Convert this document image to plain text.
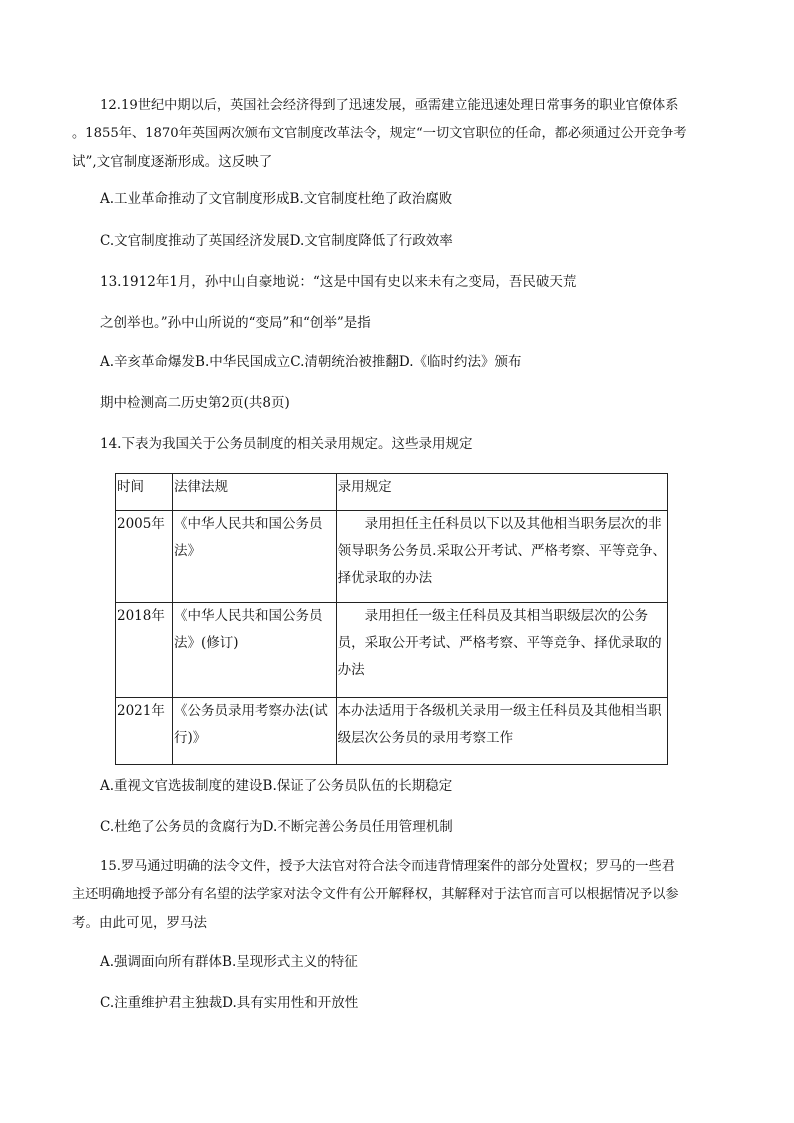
12.19世纪中期以后，英国社会经济得到了迅速发展，亟需建立能迅速处理日常事务的职业官僚体系

。1855年、1870年英国两次颁布文官制度改革法令，规定“一切文官职位的任命，都必须通过公开竞争考

试”,文官制度逐渐形成。这反映了

A.工业革命推动了文官制度形成B.文官制度杜绝了政治腐败

C.文官制度推动了英国经济发展D.文官制度降低了行政效率

13.1912年1月，孙中山自豪地说：“这是中国有史以来未有之变局，吾民破天荒

之创举也。”孙中山所说的“变局”和“创举”是指

A.辛亥革命爆发B.中华民国成立C.清朝统治被推翻D.《临时约法》颁布

期中检测高二历史第2页(共8页)

14.下表为我国关于公务员制度的相关录用规定。这些录用规定

时间	法律法规	录用规定
2005年	《中华人民共和国公务员法》	录用担任主任科员以下以及其他相当职务层次的非领导职务公务员.采取公开考试、严格考察、平等竞争、择优录取的办法
2018年	《中华人民共和国公务员法》(修订)	录用担任一级主任科员及其相当职级层次的公务员，采取公开考试、严格考察、平等竞争、择优录取的办法
2021年	《公务员录用考察办法(试行)》	本办法适用于各级机关录用一级主任科员及其他相当职级层次公务员的录用考察工作

A.重视文官选拔制度的建设B.保证了公务员队伍的长期稳定

C.杜绝了公务员的贪腐行为D.不断完善公务员任用管理机制

15.罗马通过明确的法令文件，授予大法官对符合法令而违背情理案件的部分处置权；罗马的一些君

主还明确地授予部分有名望的法学家对法令文件有公开解释权，其解释对于法官而言可以根据情况予以参

考。由此可见，罗马法

A.强调面向所有群体B.呈现形式主义的特征

C.注重维护君主独裁D.具有实用性和开放性
